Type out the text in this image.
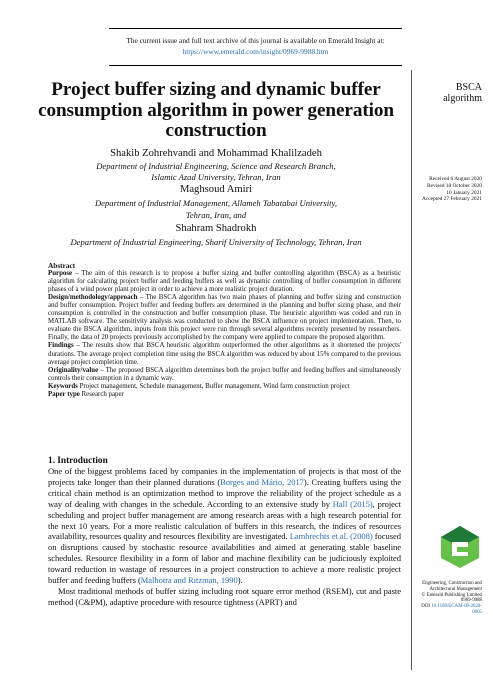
The current issue and full text archive of this journal is available on Emerald Insight at:
https://www.emerald.com/insight/0969-9988.htm
BSCA
algorithm
Received 6 August 2020
Revised 18 October 2020
10 January 2021
Accepted 27 February 2021
Project buffer sizing and dynamic buffer consumption algorithm in power generation construction
Shakib Zohrehvandi and Mohammad Khalilzadeh
Department of Industrial Engineering, Science and Research Branch,
Islamic Azad University, Tehran, Iran
Maghsoud Amiri
Department of Industrial Management, Allameh Tabatabai University,
Tehran, Iran, and
Shahram Shadrokh
Department of Industrial Engineering, Sharif University of Technology, Tehran, Iran

Abstract

Purpose – The aim of this research is to propose a buffer sizing and buffer controlling algorithm (BSCA) as a heuristic algorithm for calculating project buffer and feeding buffers as well as dynamic controlling of buffer consumption in different phases of a wind power plant project in order to achieve a more realistic project duration.

Design/methodology/approach – The BSCA algorithm has two main phases of planning and buffer sizing and construction and buffer consumption. Project buffer and feeding buffers are determined in the planning and buffer sizing phase, and their consumption is controlled in the construction and buffer consumption phase. The heuristic algorithm was coded and run in MATLAB software. The sensitivity analysis was conducted to show the BSCA influence on project implementation. Then, to evaluate the BSCA algorithm, inputs from this project were run through several algorithms recently presented by researchers. Finally, the data of 20 projects previously accomplished by the company were applied to compare the proposed algorithm.

Findings – The results show that BSCA heuristic algorithm outperformed the other algorithms as it shortened the projects' durations. The average project completion time using the BSCA algorithm was reduced by about 15% compared to the previous average project completion time.

Originality/value – The proposed BSCA algorithm determines both the project buffer and feeding buffers and simultaneously controls their consumption in a dynamic way.

Keywords Project management, Schedule management, Buffer management, Wind farm construction project

Paper type Research paper

1. Introduction

One of the biggest problems faced by companies in the implementation of projects is that most of the projects take longer than their planned durations (Borges and Mário, 2017). Creating buffers using the critical chain method is an optimization method to improve the reliability of the project schedule as a way of dealing with changes in the schedule. According to an extensive study by Hall (2015), project scheduling and project buffer management are among research areas with a high research potential for the next 10 years. For a more realistic calculation of buffers in this research, the indices of resources availability, resources quality and resources flexibility are investigated. Lambrechts et al. (2008) focused on disruptions caused by stochastic resource availabilities and aimed at generating stable baseline schedules. Resource flexibility in a form of labor and machine flexibility can be judiciously exploited toward reduction in wastage of resources in a project construction to achieve a more realistic project buffer and feeding buffers (Malhotra and Ritzman, 1990).

Most traditional methods of buffer sizing including root square error method (RSEM), cut and paste method (C&PM), adaptive procedure with resource tightness (APRT) and

Engineering, Construction and
Architectural Management
© Emerald Publishing Limited
0969-9988
DOI 10.1108/ECAM-08-2020-0605
